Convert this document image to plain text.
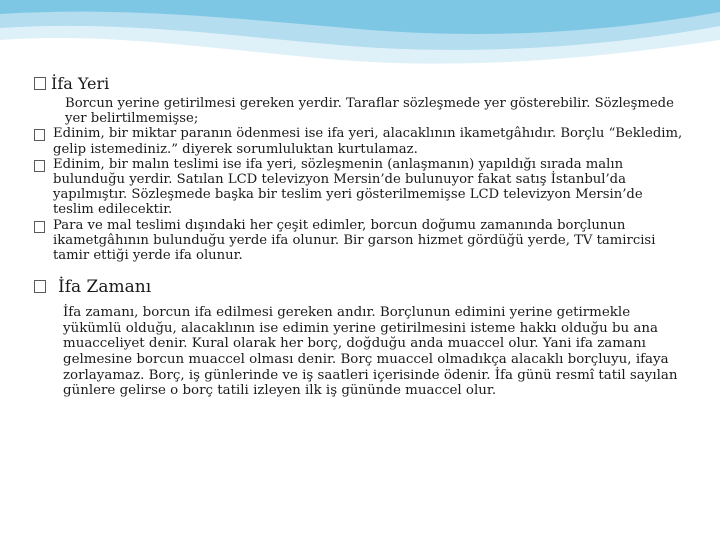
İfa Yeri
Borcun yerine getirilmesi gereken yerdir. Taraflar sözleşmede yer gösterebilir. Sözleşmede yer belirtilmemişse;
Edinim, bir miktar paranın ödenmesi ise ifa yeri, alacaklının ikametgâhıdır. Borçlu “Bekledim, gelip istemediniz.” diyerek sorumluluktan kurtulamaz.
Edinim, bir malın teslimi ise ifa yeri, sözleşmenin (anlaşmanın) yapıldığı sırada malın bulunduğu yerdir. Satılan LCD televizyon Mersin’de bulunuyor fakat satış İstanbul’da yapılmıştır. Sözleşmede başka bir teslim yeri gösterilmemişse LCD televizyon Mersin’de teslim edilecektir.
Para ve mal teslimi dışındaki her çeşit edimler, borcun doğumu zamanında borçlunun ikametgâhının bulunduğu yerde ifa olunur. Bir garson hizmet gördüğü yerde, TV tamircisi tamir ettiği yerde ifa olunur.
İfa Zamanı
İfa zamanı, borcun ifa edilmesi gereken andır. Borçlunun edimini yerine getirmekle yükümlü olduğu, alacaklının ise edimin yerine getirilmesini isteme hakkı olduğu bu ana muacceliyet denir. Kural olarak her borç, doğduğu anda muaccel olur. Yani ifa zamanı gelmesine borcun muaccel olması denir. Borç muaccel olmadıkça alacaklı borçluyu, ifaya zorlayamaz. Borç, iş günlerinde ve iş saatleri içerisinde ödenir. İfa günü resmî tatil sayılan günlere gelirse o borç tatili izleyen ilk iş gününde muaccel olur.
